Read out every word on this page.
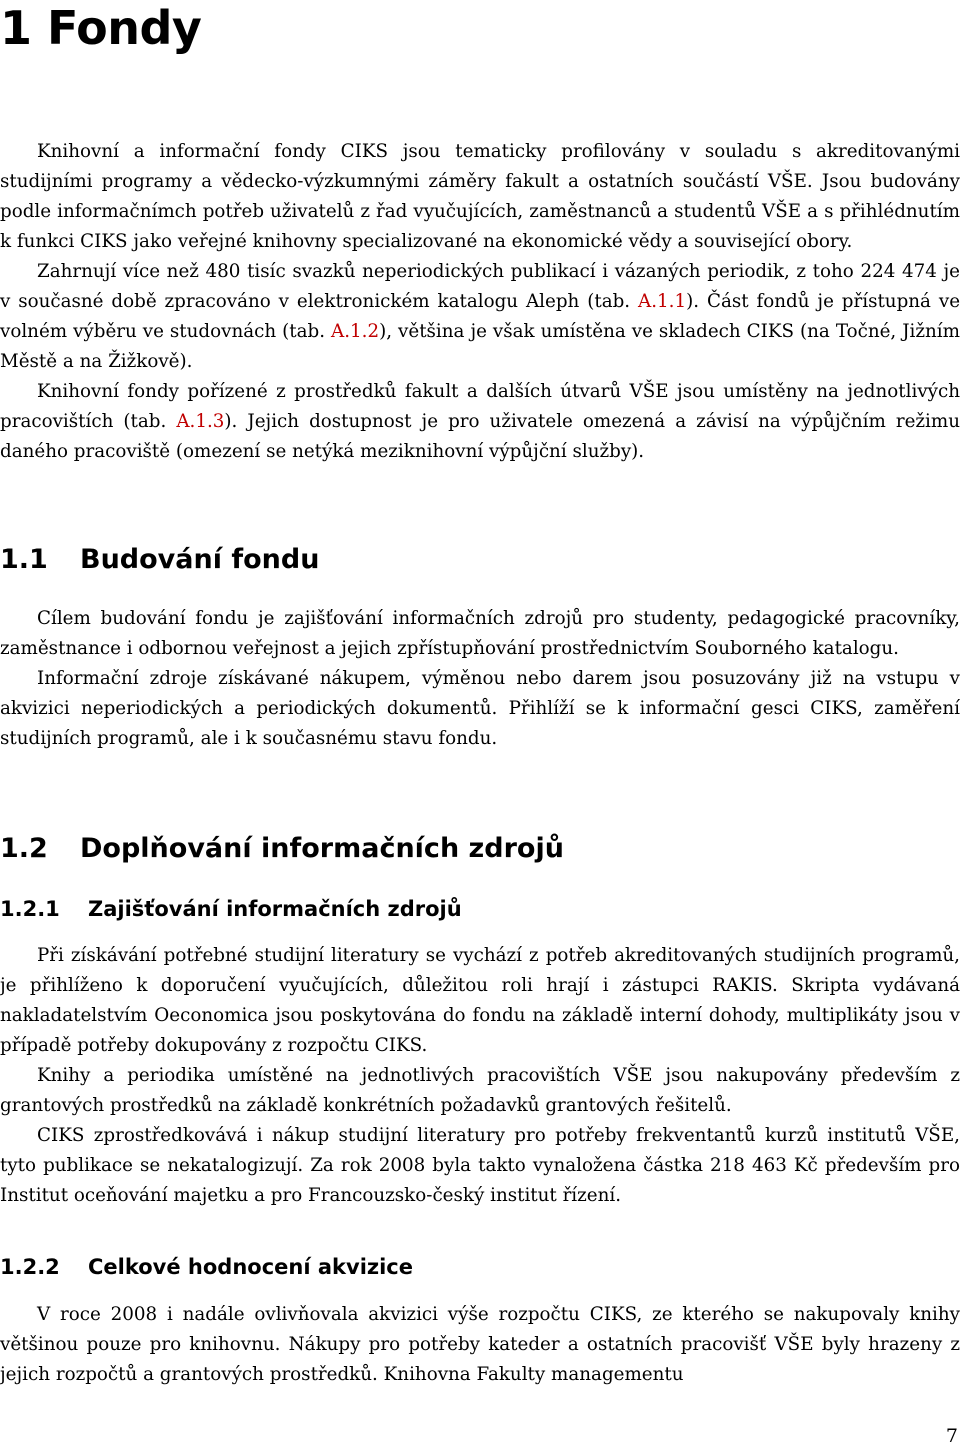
1 Fondy

Knihovní a informační fondy CIKS jsou tematicky profilovány v souladu s akreditovanými studijními programy a vědecko-výzkumnými záměry fakult a ostatních součástí VŠE. Jsou budovány podle informačnímch potřeb uživatelů z řad vyučujících, zaměstnanců a studentů VŠE a s přihlédnutím k funkci CIKS jako veřejné knihovny specializované na ekonomické vědy a související obory.

Zahrnují více než 480 tisíc svazků neperiodických publikací i vázaných periodik, z toho 224 474 je v současné době zpracováno v elektronickém katalogu Aleph (tab. A.1.1). Část fondů je přístupná ve volném výběru ve studovnách (tab. A.1.2), většina je však umístěna ve skladech CIKS (na Točné, Jižním Městě a na Žižkově).

Knihovní fondy pořízené z prostředků fakult a dalších útvarů VŠE jsou umístěny na jednotlivých pracovištích (tab. A.1.3). Jejich dostupnost je pro uživatele omezená a závisí na výpůjčním režimu daného pracoviště (omezení se netýká meziknihovní výpůjční služby).

1.1 Budování fondu

Cílem budování fondu je zajišťování informačních zdrojů pro studenty, pedagogické pracovníky, zaměstnance i odbornou veřejnost a jejich zpřístupňování prostřednictvím Souborného katalogu.

Informační zdroje získávané nákupem, výměnou nebo darem jsou posuzovány již na vstupu v akvizici neperiodických a periodických dokumentů. Přihlíží se k informační gesci CIKS, zaměření studijních programů, ale i k současnému stavu fondu.

1.2 Doplňování informačních zdrojů
1.2.1 Zajišťování informačních zdrojů

Při získávání potřebné studijní literatury se vychází z potřeb akreditovaných studijních programů, je přihlíženo k doporučení vyučujících, důležitou roli hrají i zástupci RAKIS. Skripta vydávaná nakladatelstvím Oeconomica jsou poskytována do fondu na základě interní dohody, multiplikáty jsou v případě potřeby dokupovány z rozpočtu CIKS.

Knihy a periodika umístěné na jednotlivých pracovištích VŠE jsou nakupovány především z grantových prostředků na základě konkrétních požadavků grantových řešitelů.

CIKS zprostředkovává i nákup studijní literatury pro potřeby frekventantů kurzů institutů VŠE, tyto publikace se nekatalogizují. Za rok 2008 byla takto vynaložena částka 218 463 Kč především pro Institut oceňování majetku a pro Francouzsko-český institut řízení.

1.2.2 Celkové hodnocení akvizice

V roce 2008 i nadále ovlivňovala akvizici výše rozpočtu CIKS, ze kterého se nakupovaly knihy většinou pouze pro knihovnu. Nákupy pro potřeby kateder a ostatních pracovišť VŠE byly hrazeny z jejich rozpočtů a grantových prostředků. Knihovna Fakulty managementu

7
